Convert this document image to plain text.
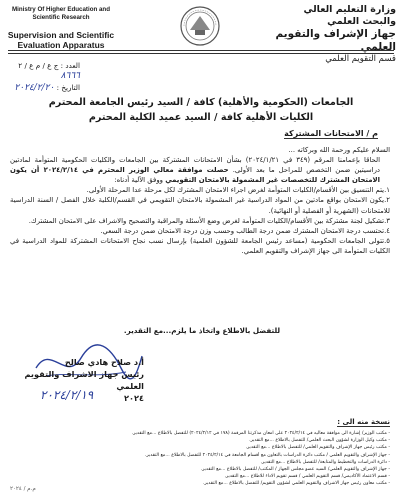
Ministry Of Higher Education and
Scientific Research
Supervision and Scientific
Evaluation Apparatus
وزارة التعليم العالي والبحث العلمي
جهاز الإشراف والتقويم العلمي
قسم التقويم العلمي
العدد : ج ع / م ع / ٢
٨٦٦٦
التاريخ : ٢٠٢٤/٢/٢٠
الجامعات (الحكومية والأهلية) كافة / السيد رئيس الجامعة المحترم
الكليات الأهلية كافة / السيد عميد الكلية المحترم
م / الامتحانات المشتركة

السلام عليكم ورحمة الله وبركاته ...

الحاقا بإعمامنا المرقم (٣٤٩ في ٢٠٢٤/١/٢١) بشأن الامتحانات المشتركة بين الجامعات والكليات الحكومية المتوأمة لمادتين دراسيتين ضمن التخصص للمراحل ما بعد الأولى. حصلت موافقة معالي الوزير المحترم في ٢٠٢٤/٢/١٤ أن يكون الامتحان المشترك للتخصصات غير المشمولة بالامتحان التقويمي ووفق الآلية أدناه:

١.يتم التنسيق بين الأقسام/الكليات المتوأمة لغرض اجراء الامتحان المشترك لكل مرحلة عدا المرحلة الأولى.

٢.يكون الامتحان بواقع مادتين من المواد الدراسية غير المشمولة بالامتحان التقويمي في القسم/الكلية خلال الفصل / السنة الدراسية للامتحانات (الشهرية أو الفصلية أو النهائية).

٣.تشكيل لجنة مشتركة بين الأقسام/الكليات المتوأمة لغرض وضع الأسئلة والمراقبة والتصحيح والاشراف على الامتحان المشترك.

٤.تحتسب درجة الامتحان المشترك ضمن درجة الطالب وحسب وزن درجة الامتحان ضمن درجة السعي.

٥.تتولى الجامعات الحكومية (مساعد رئيس الجامعة للشؤون العلمية) بإرسال نسب نجاح الامتحانات المشتركة للمواد الدراسية في الكليات المتوأمة الى جهاز الإشراف والتقويم العلمي.

للتفضل بالاطلاع واتخاذ ما يلزم...مع التقدير.
أ.د صلاح هادي صالح
رئيس جهاز الاشراف والتقويم العلمي
٢٠٢٤
٢٠٢٤/٢/١٩
نسخة منه الى :
- مكتب الوزير/ إشارة الى موافقة معاليه في ٢٠٢٤/٢/١٤ على امعان مذكرتنا المرقمة (١٧٨ في ٢٠٢٤/٢/١٢) للتفضل بالاطلاع ...مع التقدير.
- مكتب وكيل الوزارة لشؤون البحث العلمي/ للتفضل بالاطلاع ...مع التقدير.
- مكتب رئيس جهاز الإشراف والتقويم العلمي/ للتفضل بالاطلاع ...مع التقدير.
- جهاز الإشراف والتقويم العلمي / مكتب دائرة الدراسات بالتعاون مع أقسام الجامعة في ٢٠٢٤/٢/١٤ للتفضل بالاطلاع ...مع التقدير.
- دائرة الدراسات والتخطيط والمتابعة/ للتفضل بالاطلاع ...مع التقدير.
- جهاز الإشراف والتقويم العلمي/ السيد عضو مجلس الجهاز / المكتب/ للتفضل بالاطلاع ...مع التقدير.
- قسم الاعتماد الأكاديمي/ قسم التقويم العلمي / قسم تقويم الاداء للاطلاع ...مع التقدير.
- مكتب معاون رئيس جهاز الاشراف والتقويم العلمي لشؤون التقويم/ للتفضل بالاطلاع ...مع التقدير.
م.م / ٢٠٢٤
